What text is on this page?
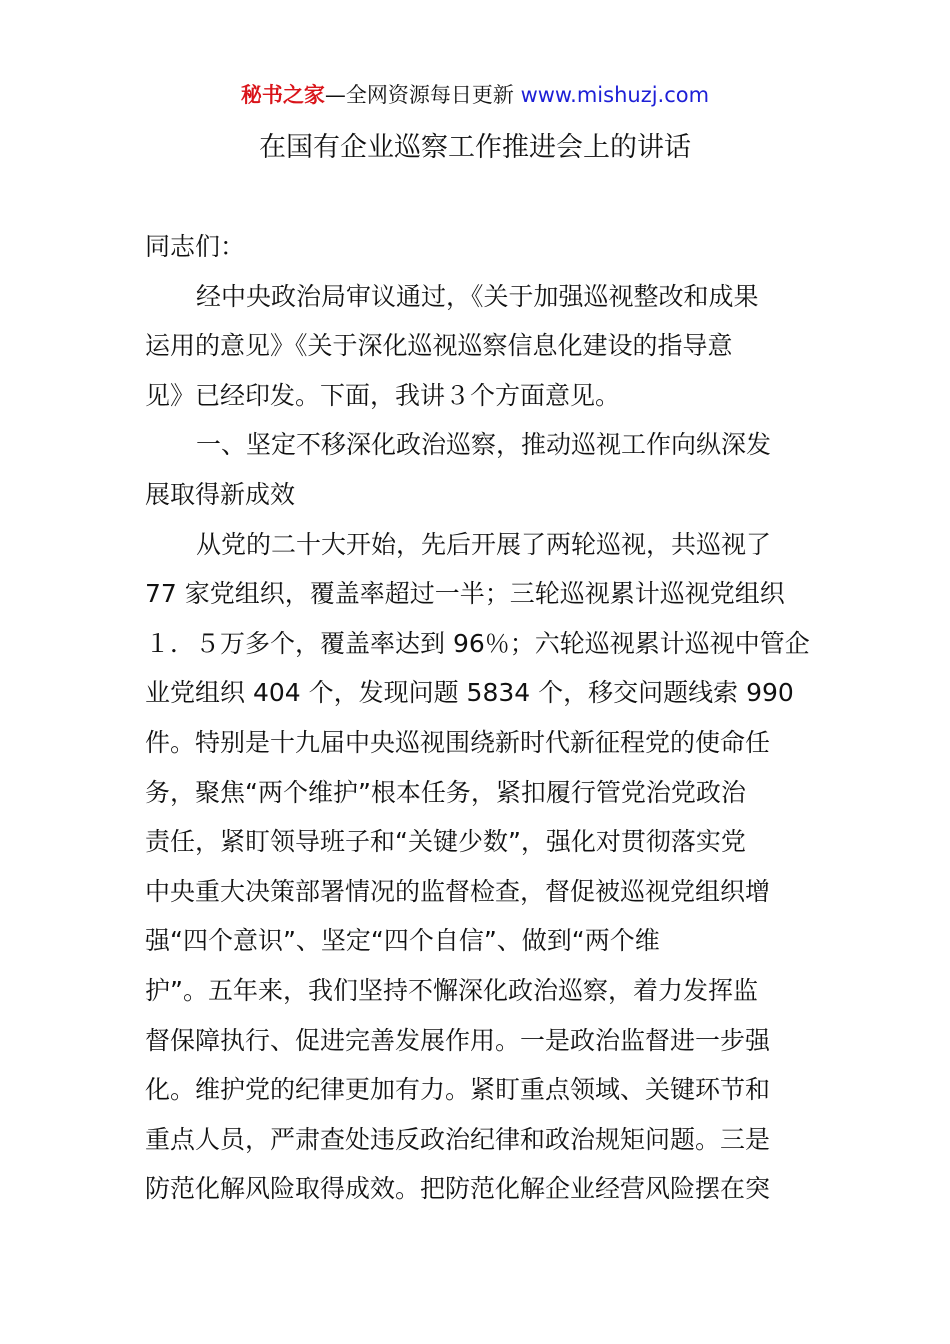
秘书之家—全网资源每日更新 www.mishuzj.com
在国有企业巡察工作推进会上的讲话
同志们：
经中央政治局审议通过，《关于加强巡视整改和成果
运用的意见》《关于深化巡视巡察信息化建设的指导意
见》已经印发。下面，我讲３个方面意见。
一、坚定不移深化政治巡察，推动巡视工作向纵深发
展取得新成效
从党的二十大开始，先后开展了两轮巡视，共巡视了
77 家党组织，覆盖率超过一半；三轮巡视累计巡视党组织
１．５万多个，覆盖率达到 96％；六轮巡视累计巡视中管企
业党组织 404 个，发现问题 5834 个，移交问题线索 990
件。特别是十九届中央巡视围绕新时代新征程党的使命任
务，聚焦“两个维护”根本任务，紧扣履行管党治党政治
责任，紧盯领导班子和“关键少数”，强化对贯彻落实党
中央重大决策部署情况的监督检查，督促被巡视党组织增
强“四个意识”、坚定“四个自信”、做到“两个维
护”。五年来，我们坚持不懈深化政治巡察，着力发挥监
督保障执行、促进完善发展作用。一是政治监督进一步强
化。维护党的纪律更加有力。紧盯重点领域、关键环节和
重点人员，严肃查处违反政治纪律和政治规矩问题。三是
防范化解风险取得成效。把防范化解企业经营风险摆在突
